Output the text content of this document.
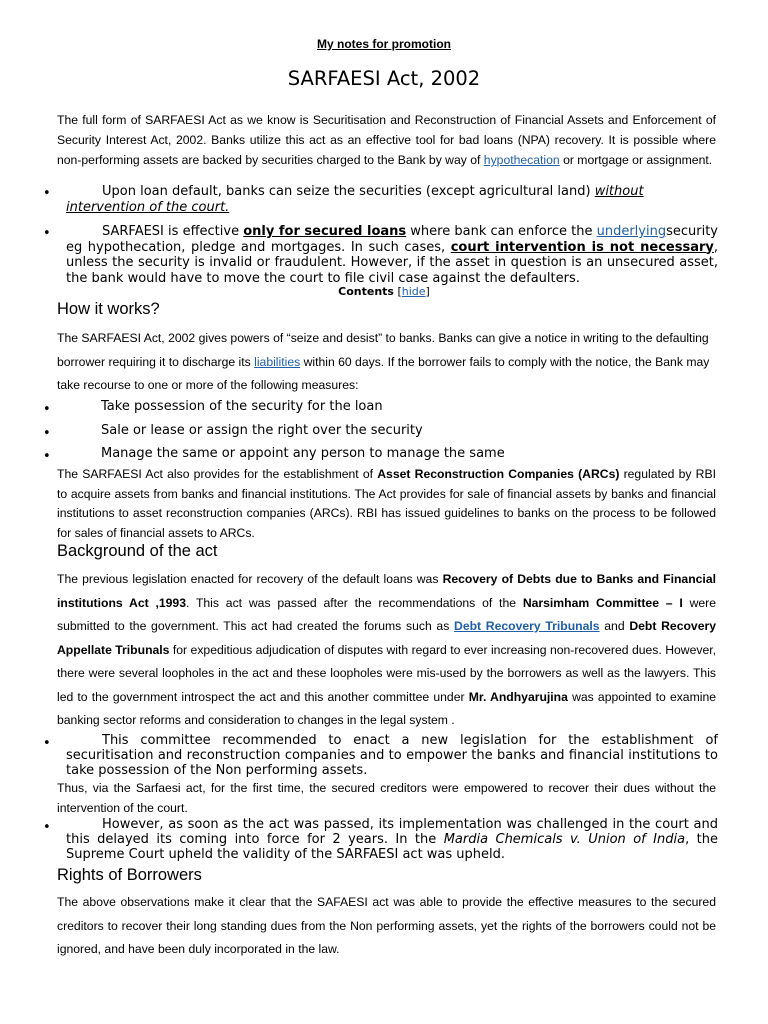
My notes for promotion
SARFAESI Act, 2002

The full form of SARFAESI Act as we know is Securitisation and Reconstruction of Financial Assets and Enforcement of Security Interest Act, 2002. Banks utilize this act as an effective tool for bad loans (NPA) recovery. It is possible where non-performing assets are backed by securities charged to the Bank by way of hypothecation or mortgage or assignment.

•	Upon loan default, banks can seize the securities (except agricultural land) without intervention of the court.

•	SARFAESI is effective only for secured loans where bank can enforce the underlyingsecurity eg hypothecation, pledge and mortgages. In such cases, court intervention is not necessary, unless the security is invalid or fraudulent. However, if the asset in question is an unsecured asset, the bank would have to move the court to file civil case against the defaulters.

Contents [hide]
How it works?

The SARFAESI Act, 2002 gives powers of “seize and desist” to banks. Banks can give a notice in writing to the defaulting borrower requiring it to discharge its liabilities within 60 days. If the borrower fails to comply with the notice, the Bank may take recourse to one or more of the following measures:

•	Take possession of the security for the loan

•	Sale or lease or assign the right over the security

•	Manage the same or appoint any person to manage the same

The SARFAESI Act also provides for the establishment of Asset Reconstruction Companies (ARCs) regulated by RBI to acquire assets from banks and financial institutions. The Act provides for sale of financial assets by banks and financial institutions to asset reconstruction companies (ARCs). RBI has issued guidelines to banks on the process to be followed for sales of financial assets to ARCs.

Background of the act

The previous legislation enacted for recovery of the default loans was Recovery of Debts due to Banks and Financial institutions Act ,1993. This act was passed after the recommendations of the Narsimham Committee – I were submitted to the government. This act had created the forums such as Debt Recovery Tribunals and Debt Recovery Appellate Tribunals for expeditious adjudication of disputes with regard to ever increasing non-recovered dues. However, there were several loopholes in the act and these loopholes were mis-used by the borrowers as well as the lawyers. This led to the government introspect the act and this another committee under Mr. Andhyarujina was appointed to examine banking sector reforms and consideration to changes in the legal system .

•	This committee recommended to enact a new legislation for the establishment of securitisation and reconstruction companies and to empower the banks and financial institutions to take possession of the Non performing assets.

Thus, via the Sarfaesi act, for the first time, the secured creditors were empowered to recover their dues without the intervention of the court.

•	However, as soon as the act was passed, its implementation was challenged in the court and this delayed its coming into force for 2 years. In the Mardia Chemicals v. Union of India, the Supreme Court upheld the validity of the SARFAESI act was upheld.

Rights of Borrowers

The above observations make it clear that the SAFAESI act was able to provide the effective measures to the secured creditors to recover their long standing dues from the Non performing assets, yet the rights of the borrowers could not be ignored, and have been duly incorporated in the law.
